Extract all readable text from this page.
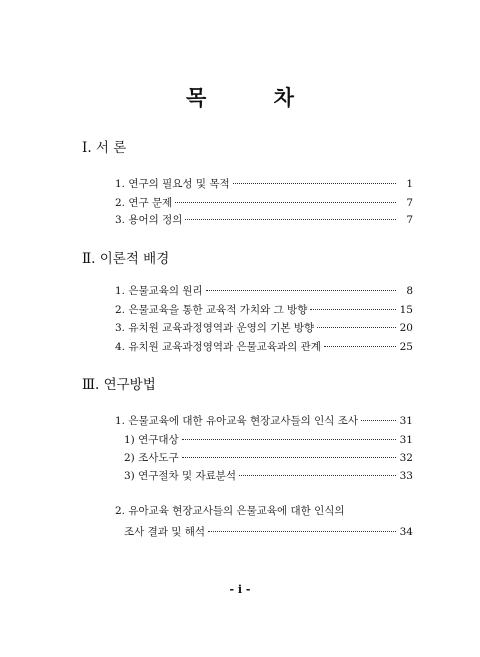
목 차
Ⅰ. 서 론
1. 연구의 필요성 및 목적	1
2. 연구 문제	7
3. 용어의 정의	7
Ⅱ. 이론적 배경
1. 은물교육의 원리	8
2. 은물교육을 통한 교육적 가치와 그 방향	15
3. 유치원 교육과정영역과 운영의 기본 방향	20
4. 유치원 교육과정영역과 은물교육과의 관계	25
Ⅲ. 연구방법
1. 은물교육에 대한 유아교육 현장교사들의 인식 조사	31
1) 연구대상	31
2) 조사도구	32
3) 연구절차 및 자료분석	33
2. 유아교육 현장교사들의 은물교육에 대한 인식의
조사 결과 및 해석	34
- i -
